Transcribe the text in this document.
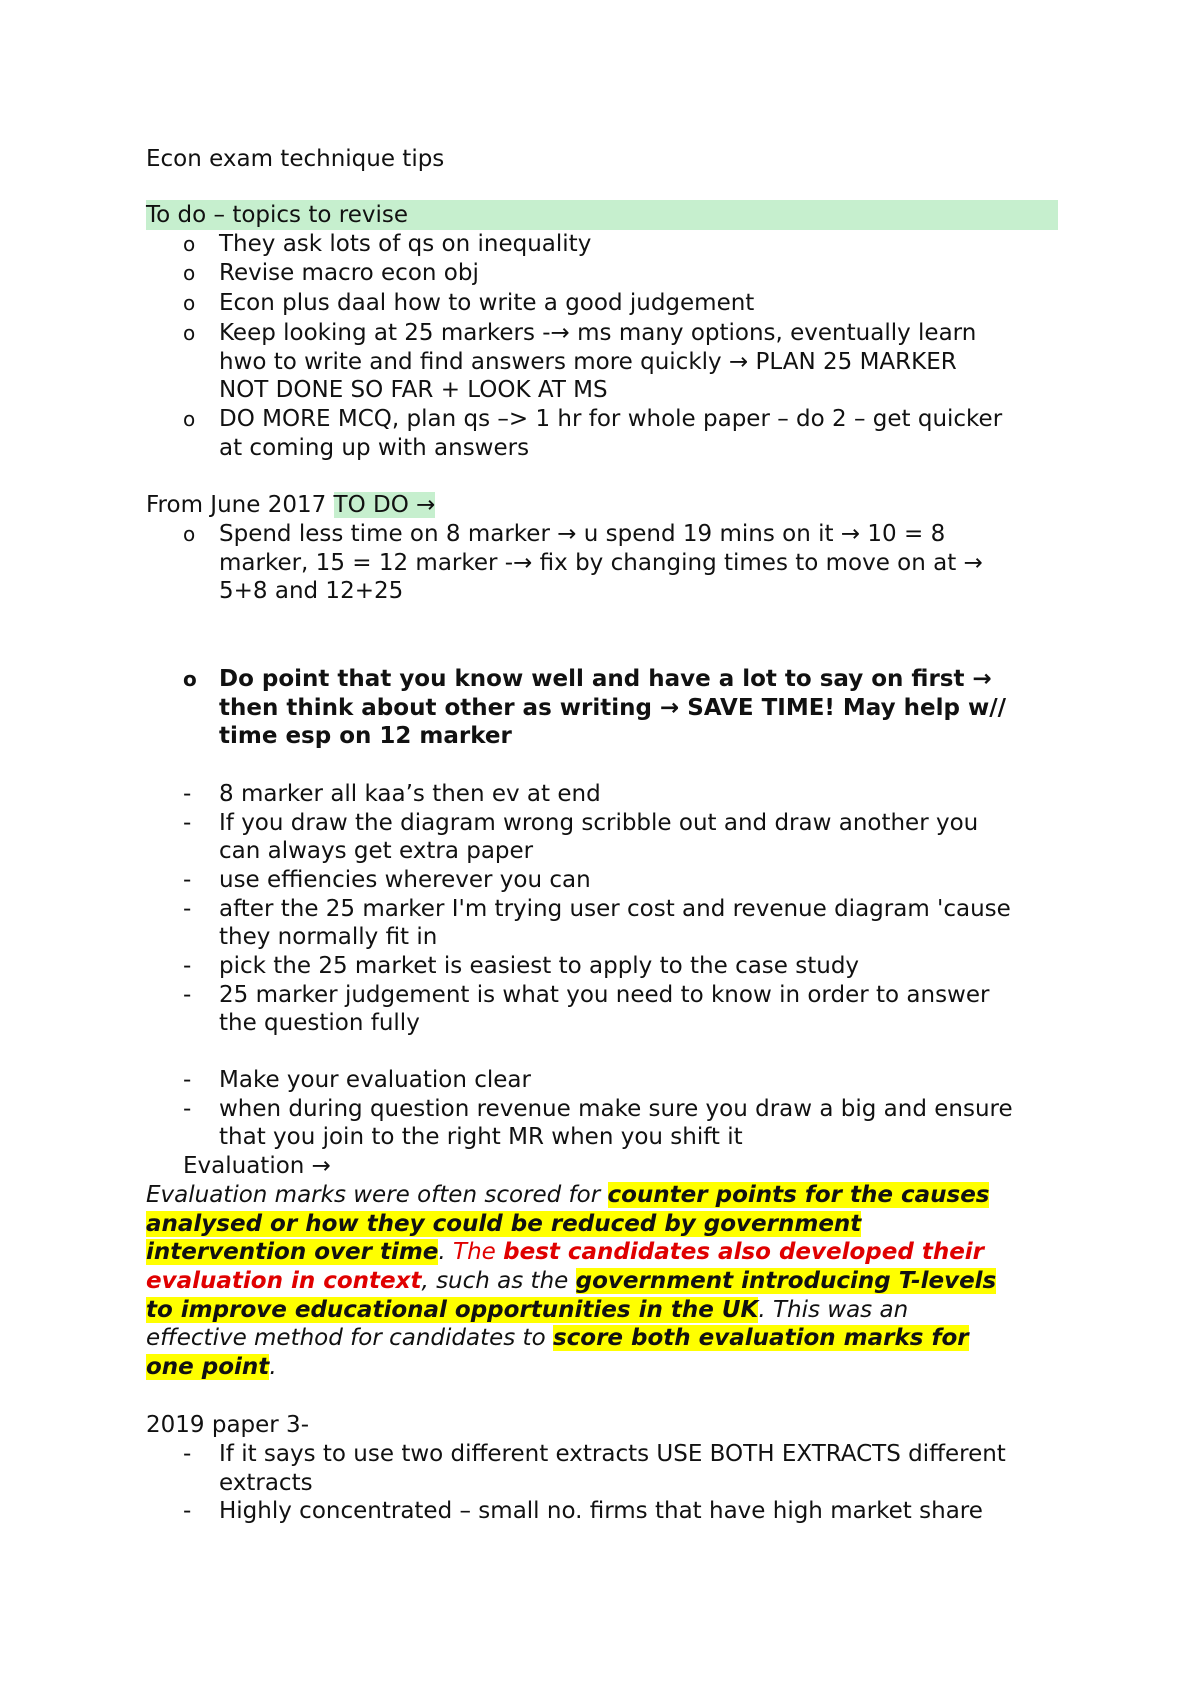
Econ exam technique tips
To do – topics to revise
o They ask lots of qs on inequality
o Revise macro econ obj
o Econ plus daal how to write a good judgement
o Keep looking at 25 markers -→ ms many options, eventually learn
hwo to write and find answers more quickly → PLAN 25 MARKER
NOT DONE SO FAR + LOOK AT MS
o DO MORE MCQ, plan qs –> 1 hr for whole paper – do 2 – get quicker
at coming up with answers
From June 2017 TO DO →
o Spend less time on 8 marker → u spend 19 mins on it → 10 = 8
marker, 15 = 12 marker -→ fix by changing times to move on at →
5+8 and 12+25
o Do point that you know well and have a lot to say on first →
then think about other as writing → SAVE TIME! May help w//
time esp on 12 marker
- 8 marker all kaa’s then ev at end
- If you draw the diagram wrong scribble out and draw another you
can always get extra paper
- use effiencies wherever you can
- after the 25 marker I'm trying user cost and revenue diagram 'cause
they normally fit in
- pick the 25 market is easiest to apply to the case study
- 25 marker judgement is what you need to know in order to answer
the question fully
- Make your evaluation clear
- when during question revenue make sure you draw a big and ensure
that you join to the right MR when you shift it
Evaluation →
Evaluation marks were often scored for counter points for the causes
analysed or how they could be reduced by government
intervention over time. The best candidates also developed their
evaluation in context, such as the government introducing T-levels
to improve educational opportunities in the UK. This was an
effective method for candidates to score both evaluation marks for
one point.
2019 paper 3-
- If it says to use two different extracts USE BOTH EXTRACTS different
extracts
- Highly concentrated – small no. firms that have high market share
